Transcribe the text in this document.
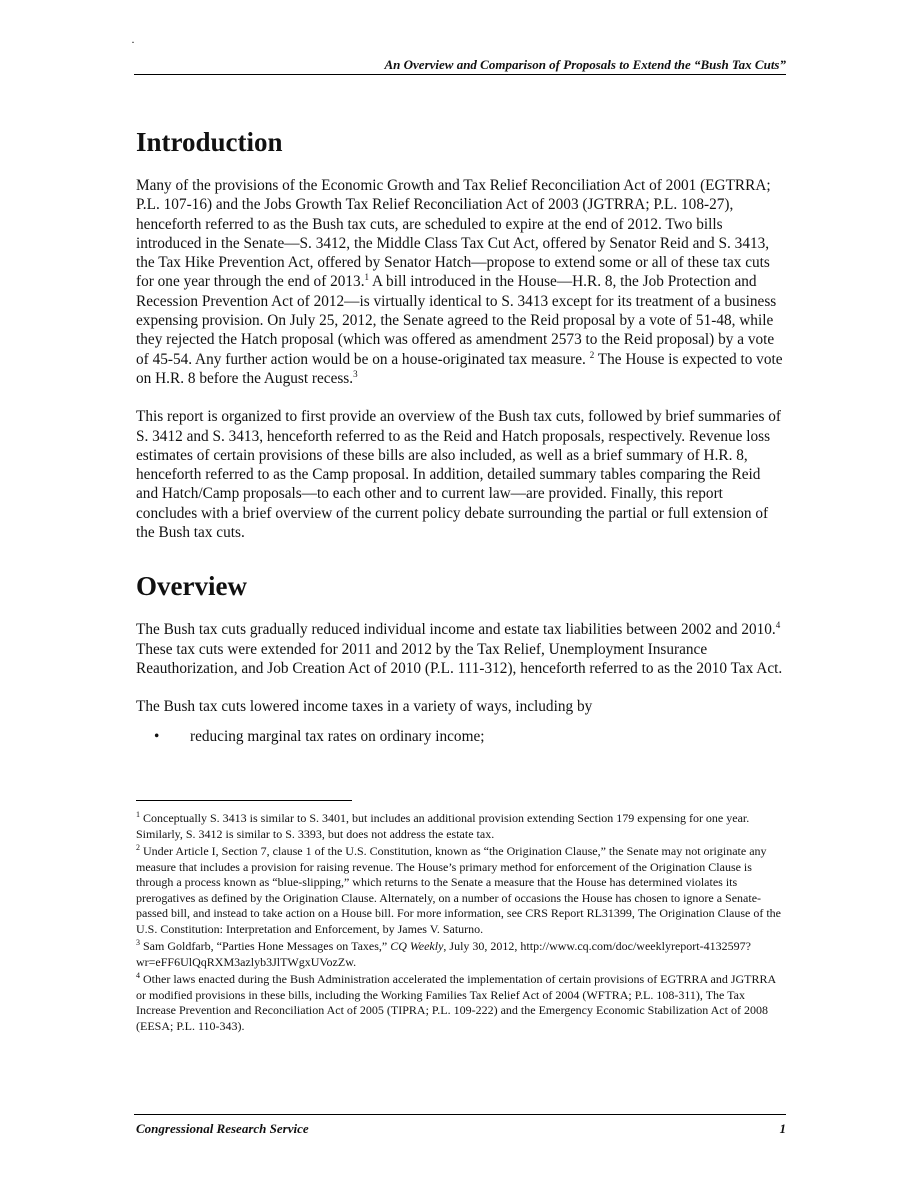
·
An Overview and Comparison of Proposals to Extend the “Bush Tax Cuts”
Introduction

Many of the provisions of the Economic Growth and Tax Relief Reconciliation Act of 2001 (EGTRRA; P.L. 107-16) and the Jobs Growth Tax Relief Reconciliation Act of 2003 (JGTRRA; P.L. 108-27), henceforth referred to as the Bush tax cuts, are scheduled to expire at the end of 2012. Two bills introduced in the Senate—S. 3412, the Middle Class Tax Cut Act, offered by Senator Reid and S. 3413, the Tax Hike Prevention Act, offered by Senator Hatch—propose to extend some or all of these tax cuts for one year through the end of 2013.$^1$ A bill introduced in the House—H.R. 8, the Job Protection and Recession Prevention Act of 2012—is virtually identical to S. 3413 except for its treatment of a business expensing provision. On July 25, 2012, the Senate agreed to the Reid proposal by a vote of 51-48, while they rejected the Hatch proposal (which was offered as amendment 2573 to the Reid proposal) by a vote of 45-54. Any further action would be on a house-originated tax measure. $^2$ The House is expected to vote on H.R. 8 before the August recess.$^3$

This report is organized to first provide an overview of the Bush tax cuts, followed by brief summaries of S. 3412 and S. 3413, henceforth referred to as the Reid and Hatch proposals, respectively. Revenue loss estimates of certain provisions of these bills are also included, as well as a brief summary of H.R. 8, henceforth referred to as the Camp proposal. In addition, detailed summary tables comparing the Reid and Hatch/Camp proposals—to each other and to current law—are provided. Finally, this report concludes with a brief overview of the current policy debate surrounding the partial or full extension of the Bush tax cuts.

Overview

The Bush tax cuts gradually reduced individual income and estate tax liabilities between 2002 and 2010.$^4$ These tax cuts were extended for 2011 and 2012 by the Tax Relief, Unemployment Insurance Reauthorization, and Job Creation Act of 2010 (P.L. 111-312), henceforth referred to as the 2010 Tax Act.

The Bush tax cuts lowered income taxes in a variety of ways, including by

• reducing marginal tax rates on ordinary income;

$^1$ Conceptually S. 3413 is similar to S. 3401, but includes an additional provision extending Section 179 expensing for one year. Similarly, S. 3412 is similar to S. 3393, but does not address the estate tax.

$^2$ Under Article I, Section 7, clause 1 of the U.S. Constitution, known as “the Origination Clause,” the Senate may not originate any measure that includes a provision for raising revenue. The House’s primary method for enforcement of the Origination Clause is through a process known as “blue-slipping,” which returns to the Senate a measure that the House has determined violates its prerogatives as defined by the Origination Clause. Alternately, on a number of occasions the House has chosen to ignore a Senate-passed bill, and instead to take action on a House bill. For more information, see CRS Report RL31399, The Origination Clause of the U.S. Constitution: Interpretation and Enforcement, by James V. Saturno.

$^3$ Sam Goldfarb, “Parties Hone Messages on Taxes,” CQ Weekly, July 30, 2012, http://www.cq.com/doc/weeklyreport-4132597?wr=eFF6UlQqRXM3azlyb3JlTWgxUVozZw.

$^4$ Other laws enacted during the Bush Administration accelerated the implementation of certain provisions of EGTRRA and JGTRRA or modified provisions in these bills, including the Working Families Tax Relief Act of 2004 (WFTRA; P.L. 108-311), The Tax Increase Prevention and Reconciliation Act of 2005 (TIPRA; P.L. 109-222) and the Emergency Economic Stabilization Act of 2008 (EESA; P.L. 110-343).

Congressional Research Service	1
